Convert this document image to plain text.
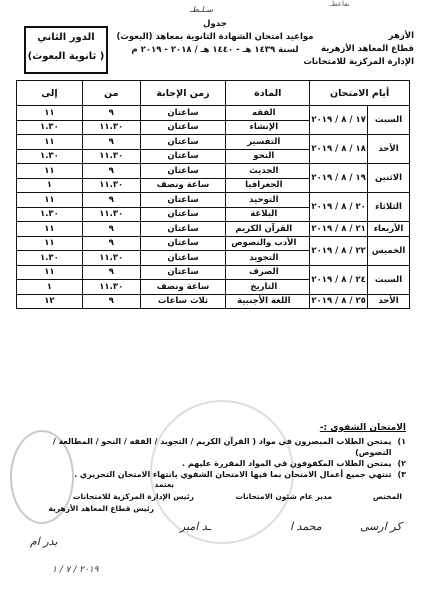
ٮڡاعطـ
سـلـطـ
الأزهر
قطاع المعاهد الأزهرية
الإدارة المركزية للامتحانات
جدول
مواعيد امتحان الشهادة الثانوية بمعاهد (البعوث)
لسنة ١٤٣٩ هـ - ١٤٤٠ هـ / ٢٠١٨ - ٢٠١٩ م
الدور الثاني
( ثانوية البعوث)
أيام الامتحان		المادة	زمن الإجابة	من	إلى
السبت	١٧ / ٨ / ٢٠١٩	الفقه	ساعتان	٩	١١
		الإنشاء	ساعتان	١١.٣٠	١.٣٠
الأحد	١٨ / ٨ / ٢٠١٩	التفسير	ساعتان	٩	١١
		النحو	ساعتان	١١.٣٠	١.٣٠
الاثنين	١٩ / ٨ / ٢٠١٩	الحديث	ساعتان	٩	١١
		الجغرافيا	ساعة ونصف	١١.٣٠	١
الثلاثاء	٢٠ / ٨ / ٢٠١٩	التوحيد	ساعتان	٩	١١
		البلاغة	ساعتان	١١.٣٠	١.٣٠
الأربعاء	٢١ / ٨ / ٢٠١٩	القرآن الكريم	ساعتان	٩	١١
الخميس	٢٢ / ٨ / ٢٠١٩	الأدب والنصوص	ساعتان	٩	١١
		التجويد	ساعتان	١١.٣٠	١.٣٠
السبت	٢٤ / ٨ / ٢٠١٩	الصرف	ساعتان	٩	١١
		التاريخ	ساعة ونصف	١١.٣٠	١
الأحد	٢٥ / ٨ / ٢٠١٩	اللغة الأجنبية	ثلاث ساعات	٩	١٢
الامتحان الشفوي :-
١)
يمتحن الطلاب المبصرون في مواد ( القرآن الكريم / التجويد / الفقه / النحو / المطالعة / النصوص)
٢)
يمتحن الطلاب المكفوفون في المواد المقررة عليهم .
٣)
تنتهي جميع أعمال الامتحان بما فيها الامتحان الشفوي بانتهاء الامتحان التحريري .
المختص
مدير عام شئون الامتحانات
رئيس الإدارة المركزية للامتحانات
يعتمد
رئيس قطاع المعاهد الأزهرية
کر ارسی
محمد ا
ـد امبر
بدر ام
٢٠١٩ / ٧ / ١
